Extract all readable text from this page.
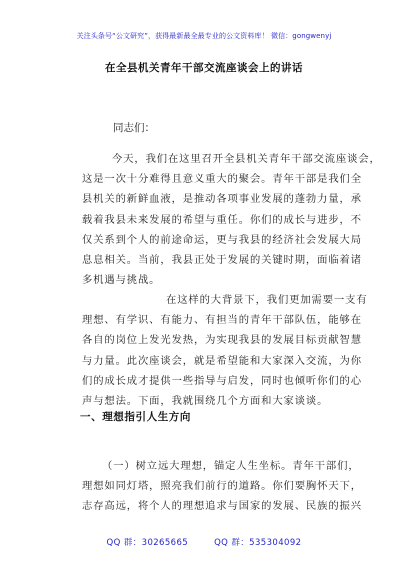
关注头条号“公文研究”，获得最新最全最专业的公文资料库！ 微信：gongwenyj
在全县机关青年干部交流座谈会上的讲话
同志们：

今天，我们在这里召开全县机关青年干部交流座谈会，
这是一次十分难得且意义重大的聚会。青年干部是我们全
县机关的新鲜血液，是推动各项事业发展的蓬勃力量，承
载着我县未来发展的希望与重任。你们的成长与进步，不
仅关系到个人的前途命运，更与我县的经济社会发展大局
息息相关。当前，我县正处于发展的关键时期，面临着诸
多机遇与挑战。

在这样的大背景下，我们更加需要一支有
理想、有学识、有能力、有担当的青年干部队伍，能够在
各自的岗位上发光发热，为实现我县的发展目标贡献智慧
与力量。此次座谈会，就是希望能和大家深入交流，为你
们的成长成才提供一些指导与启发，同时也倾听你们的心
声与想法。下面，我就围绕几个方面和大家谈谈。

一、理想指引人生方向

（一）树立远大理想，锚定人生坐标。青年干部们，
理想如同灯塔，照亮我们前行的道路。你们要胸怀天下，
志存高远，将个人的理想追求与国家的发展、民族的振兴

QQ 群：30265665	QQ 群：535304092
